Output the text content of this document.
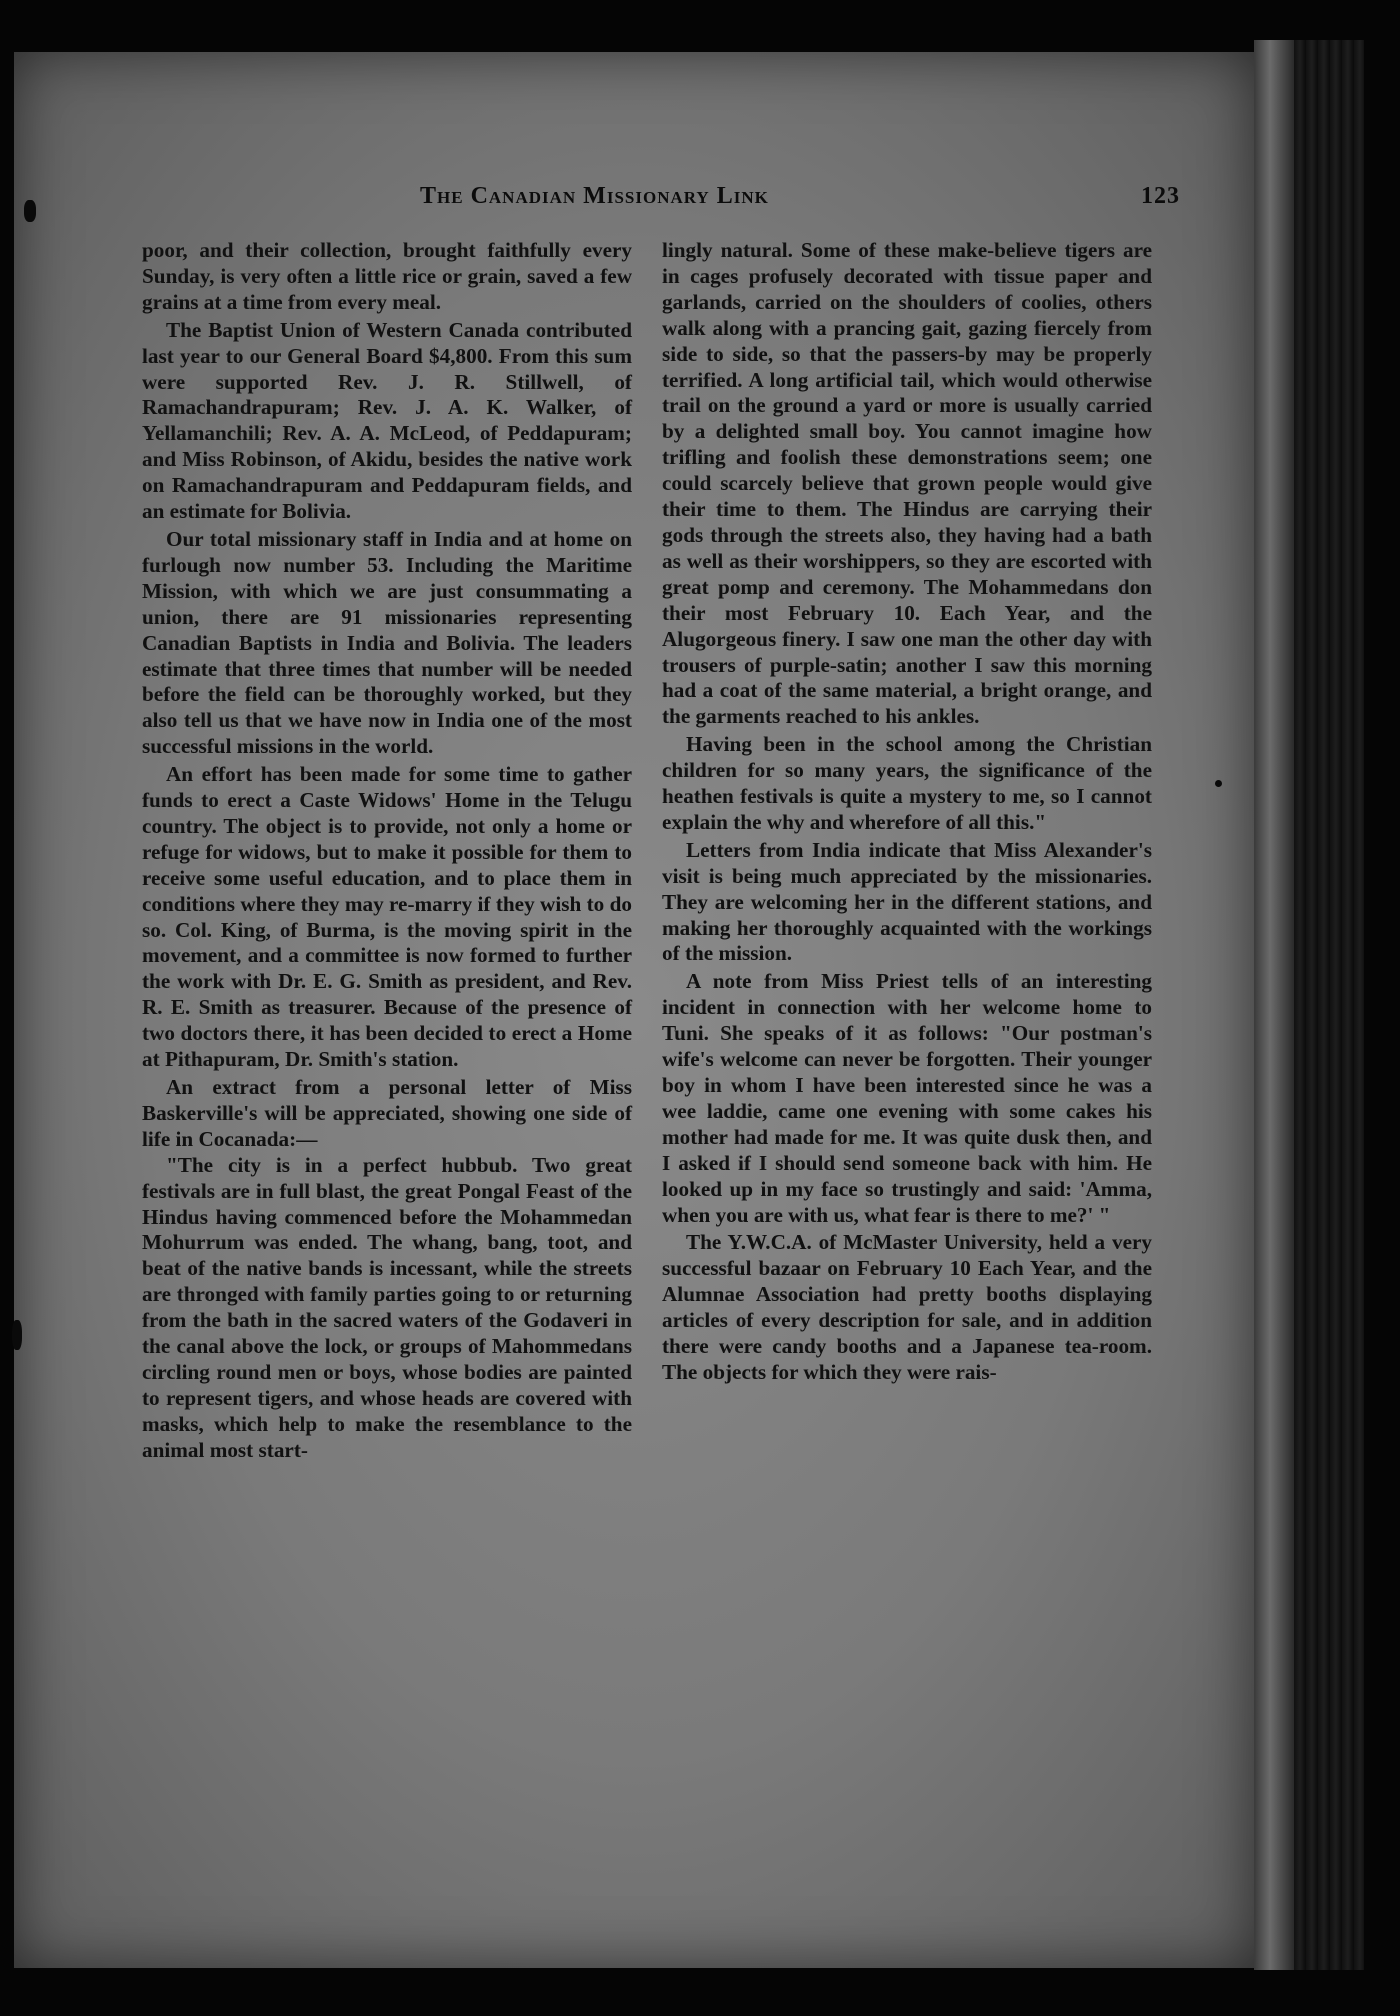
The Canadian Missionary Link	123

poor, and their collection, brought faithfully every Sunday, is very often a little rice or grain, saved a few grains at a time from every meal.

The Baptist Union of Western Canada contributed last year to our General Board $4,800. From this sum were supported Rev. J. R. Stillwell, of Ramachandrapuram; Rev. J. A. K. Walker, of Yellamanchili; Rev. A. A. McLeod, of Peddapuram; and Miss Robinson, of Akidu, besides the native work on Ramachandrapuram and Peddapuram fields, and an estimate for Bolivia.

Our total missionary staff in India and at home on furlough now number 53. Including the Maritime Mission, with which we are just consummating a union, there are 91 missionaries representing Canadian Baptists in India and Bolivia. The leaders estimate that three times that number will be needed before the field can be thoroughly worked, but they also tell us that we have now in India one of the most successful missions in the world.

An effort has been made for some time to gather funds to erect a Caste Widows' Home in the Telugu country. The object is to provide, not only a home or refuge for widows, but to make it possible for them to receive some useful education, and to place them in conditions where they may re-marry if they wish to do so. Col. King, of Burma, is the moving spirit in the movement, and a committee is now formed to further the work with Dr. E. G. Smith as president, and Rev. R. E. Smith as treasurer. Because of the presence of two doctors there, it has been decided to erect a Home at Pithapuram, Dr. Smith's station.

An extract from a personal letter of Miss Baskerville's will be appreciated, showing one side of life in Cocanada:—

"The city is in a perfect hubbub. Two great festivals are in full blast, the great Pongal Feast of the Hindus having commenced before the Mohammedan Mohurrum was ended. The whang, bang, toot, and beat of the native bands is incessant, while the streets are thronged with family parties going to or returning from the bath in the sacred waters of the Godaveri in the canal above the lock, or groups of Mahommedans circling round men or boys, whose bodies are painted to represent tigers, and whose heads are covered with masks, which help to make the resemblance to the animal most start-

lingly natural. Some of these make-believe tigers are in cages profusely decorated with tissue paper and garlands, carried on the shoulders of coolies, others walk along with a prancing gait, gazing fiercely from side to side, so that the passers-by may be properly terrified. A long artificial tail, which would otherwise trail on the ground a yard or more is usually carried by a delighted small boy. You cannot imagine how trifling and foolish these demonstrations seem; one could scarcely believe that grown people would give their time to them. The Hindus are carrying their gods through the streets also, they having had a bath as well as their worshippers, so they are escorted with great pomp and ceremony. The Mohammedans don their most February 10. Each Year, and the Alugorgeous finery. I saw one man the other day with trousers of purple-satin; another I saw this morning had a coat of the same material, a bright orange, and the garments reached to his ankles.

Having been in the school among the Christian children for so many years, the significance of the heathen festivals is quite a mystery to me, so I cannot explain the why and wherefore of all this."

Letters from India indicate that Miss Alexander's visit is being much appreciated by the missionaries. They are welcoming her in the different stations, and making her thoroughly acquainted with the workings of the mission.

A note from Miss Priest tells of an interesting incident in connection with her welcome home to Tuni. She speaks of it as follows: "Our postman's wife's welcome can never be forgotten. Their younger boy in whom I have been interested since he was a wee laddie, came one evening with some cakes his mother had made for me. It was quite dusk then, and I asked if I should send someone back with him. He looked up in my face so trustingly and said: 'Amma, when you are with us, what fear is there to me?' "

The Y.W.C.A. of McMaster University, held a very successful bazaar on February 10 Each Year, and the Alumnae Association had pretty booths displaying articles of every description for sale, and in addition there were candy booths and a Japanese tea-room. The objects for which they were rais-
